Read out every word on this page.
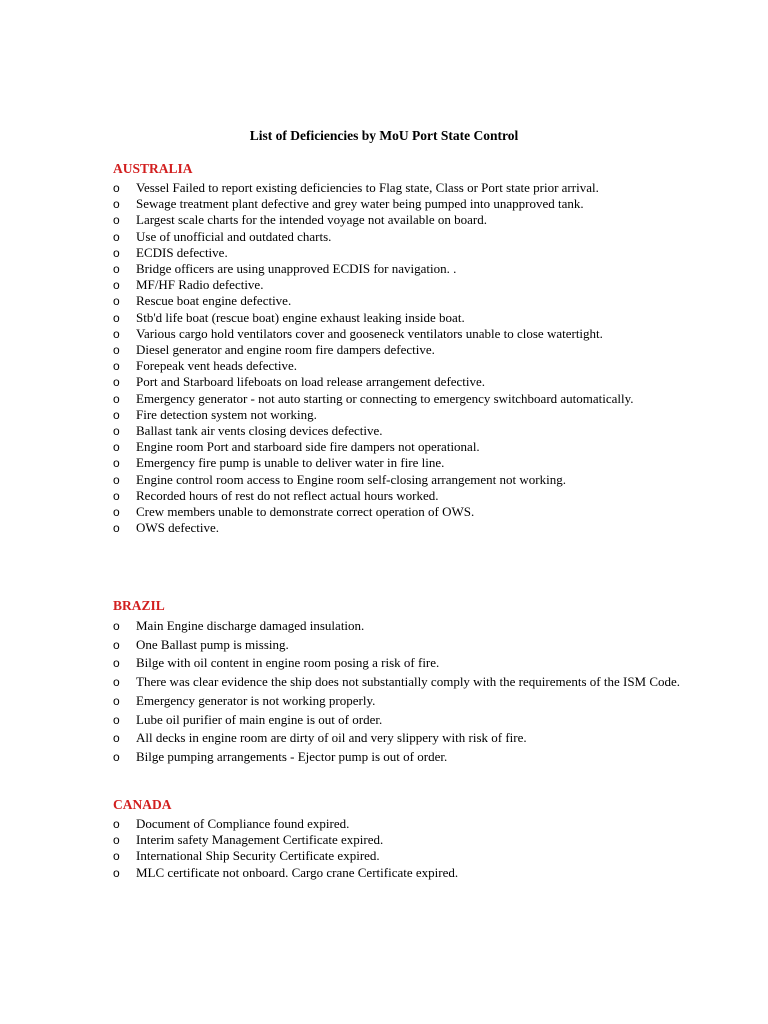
List of Deficiencies by MoU Port State Control
AUSTRALIA
o Vessel Failed to report existing deficiencies to Flag state, Class or Port state prior arrival.
o Sewage treatment plant defective and grey water being pumped into unapproved tank.
o Largest scale charts for the intended voyage not available on board.
o Use of unofficial and outdated charts.
o ECDIS defective.
o Bridge officers are using unapproved ECDIS for navigation. .
o MF/HF Radio defective.
o Rescue boat engine defective.
o Stb'd life boat (rescue boat) engine exhaust leaking inside boat.
o Various cargo hold ventilators cover and gooseneck ventilators unable to close watertight.
o Diesel generator and engine room fire dampers defective.
o Forepeak vent heads defective.
o Port and Starboard lifeboats on load release arrangement defective.
o Emergency generator - not auto starting or connecting to emergency switchboard automatically.
o Fire detection system not working.
o Ballast tank air vents closing devices defective.
o Engine room Port and starboard side fire dampers not operational.
o Emergency fire pump is unable to deliver water in fire line.
o Engine control room access to Engine room self-closing arrangement not working.
o Recorded hours of rest do not reflect actual hours worked.
o Crew members unable to demonstrate correct operation of OWS.
o OWS defective.
BRAZIL
o Main Engine discharge damaged insulation.
o One Ballast pump is missing.
o Bilge with oil content in engine room posing a risk of fire.
o There was clear evidence the ship does not substantially comply with the requirements of the ISM Code.
o Emergency generator is not working properly.
o Lube oil purifier of main engine is out of order.
o All decks in engine room are dirty of oil and very slippery with risk of fire.
o Bilge pumping arrangements - Ejector pump is out of order.
CANADA
o Document of Compliance found expired.
o Interim safety Management Certificate expired.
o International Ship Security Certificate expired.
o MLC certificate not onboard. Cargo crane Certificate expired.
